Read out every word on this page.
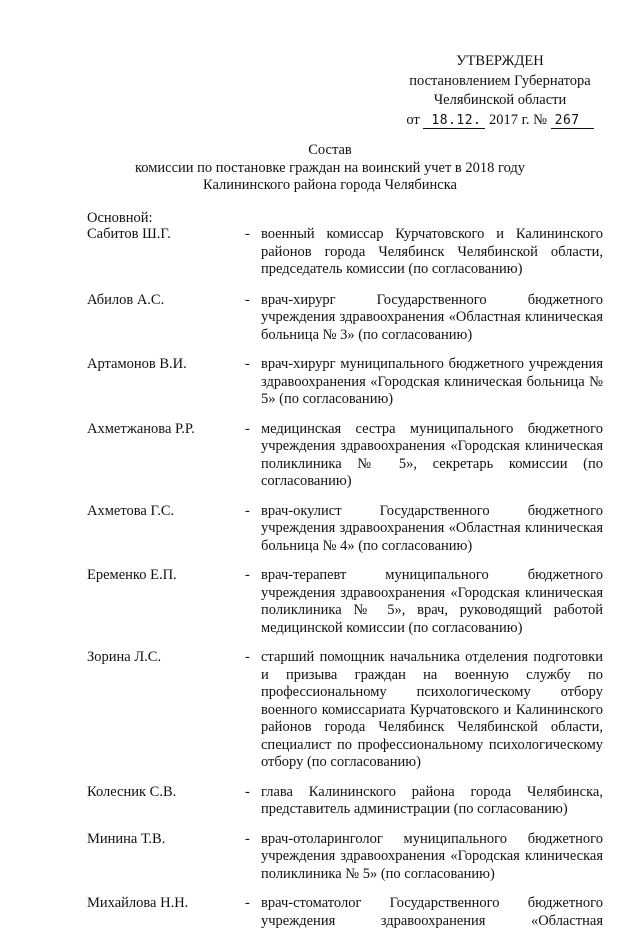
УТВЕРЖДЕН
постановлением Губернатора
Челябинской области
от 18.12. 2017 г. № 267
Состав
комиссии по постановке граждан на воинский учет в 2018 году
Калининского района города Челябинска
Основной:
Сабитов Ш.Г.	- военный комиссар Курчатовского и Калининского районов города Челябинск Челябинской области, председатель комиссии (по согласованию)
Абилов А.С.	- врач-хирург Государственного бюджетного учреждения здравоохранения «Областная клиническая больница № 3» (по согласованию)
Артамонов В.И.	- врач-хирург муниципального бюджетного учреждения здравоохранения «Городская клиническая больница № 5» (по согласованию)
Ахметжанова Р.Р.	- медицинская сестра муниципального бюджетного учреждения здравоохранения «Городская клиническая поликлиника № 5», секретарь комиссии (по согласованию)
Ахметова Г.С.	- врач-окулист Государственного бюджетного учреждения здравоохранения «Областная клиническая больница № 4» (по согласованию)
Еременко Е.П.	- врач-терапевт муниципального бюджетного учреждения здравоохранения «Городская клиническая поликлиника № 5», врач, руководящий работой медицинской комиссии (по согласованию)
Зорина Л.С.	- старший помощник начальника отделения подготовки и призыва граждан на военную службу по профессиональному психологическому отбору военного комиссариата Курчатовского и Калининского районов города Челябинск Челябинской области, специалист по профессиональному психологическому отбору (по согласованию)
Колесник С.В.	- глава Калининского района города Челябинска, представитель администрации (по согласованию)
Минина Т.В.	- врач-отоларинголог муниципального бюджетного учреждения здравоохранения «Городская клиническая поликлиника № 5» (по согласованию)
Михайлова Н.Н.	- врач-стоматолог Государственного бюджетного учреждения здравоохранения «Областная
